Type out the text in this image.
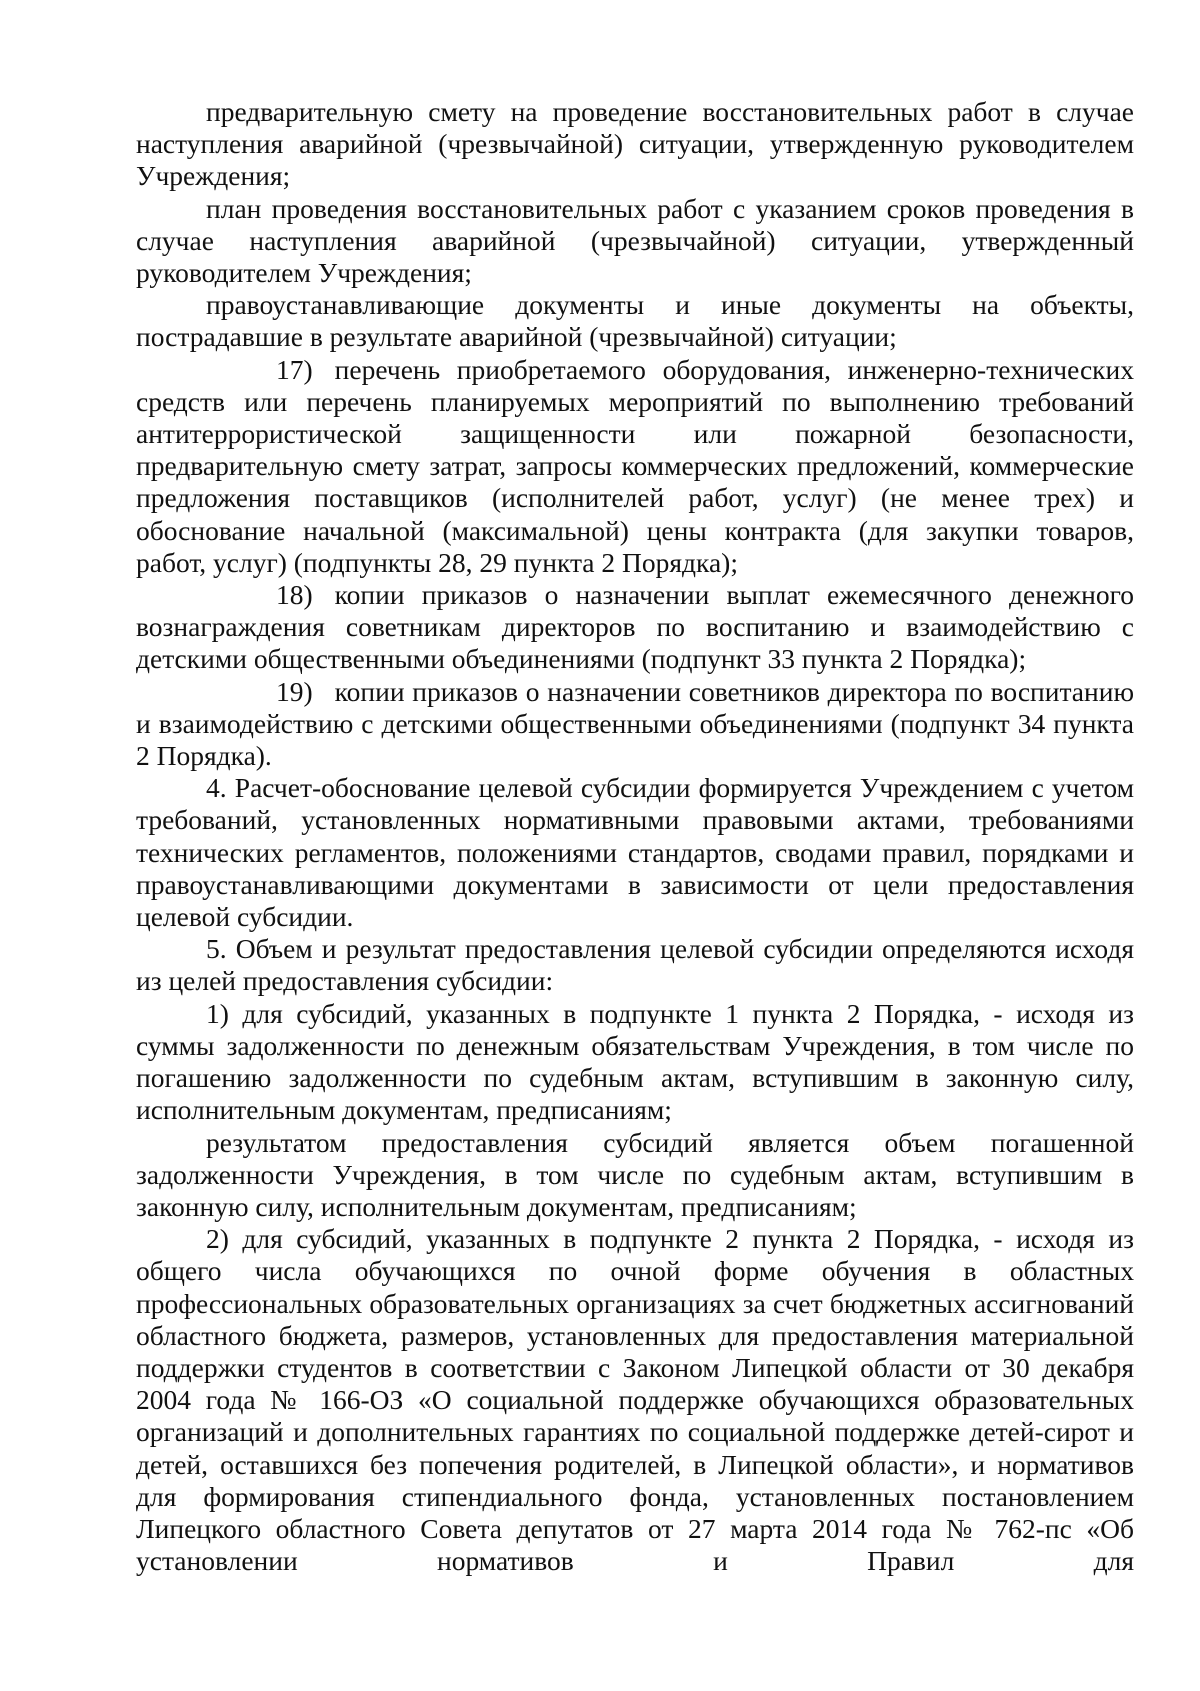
предварительную смету на проведение восстановительных работ в случае наступления аварийной (чрезвычайной) ситуации, утвержденную руководителем Учреждения;

план проведения восстановительных работ с указанием сроков проведения в случае наступления аварийной (чрезвычайной) ситуации, утвержденный руководителем Учреждения;

правоустанавливающие документы и иные документы на объекты, пострадавшие в результате аварийной (чрезвычайной) ситуации;

17) перечень приобретаемого оборудования, инженерно-технических средств или перечень планируемых мероприятий по выполнению требований антитеррористической защищенности или пожарной безопасности, предварительную смету затрат, запросы коммерческих предложений, коммерческие предложения поставщиков (исполнителей работ, услуг) (не менее трех) и обоснование начальной (максимальной) цены контракта (для закупки товаров, работ, услуг) (подпункты 28, 29 пункта 2 Порядка);

18) копии приказов о назначении выплат ежемесячного денежного вознаграждения советникам директоров по воспитанию и взаимодействию с детскими общественными объединениями (подпункт 33 пункта 2 Порядка);

19) копии приказов о назначении советников директора по воспитанию и взаимодействию с детскими общественными объединениями (подпункт 34 пункта 2 Порядка).

4. Расчет-обоснование целевой субсидии формируется Учреждением с учетом требований, установленных нормативными правовыми актами, требованиями технических регламентов, положениями стандартов, сводами правил, порядками и правоустанавливающими документами в зависимости от цели предоставления целевой субсидии.

5. Объем и результат предоставления целевой субсидии определяются исходя из целей предоставления субсидии:

1) для субсидий, указанных в подпункте 1 пункта 2 Порядка, - исходя из суммы задолженности по денежным обязательствам Учреждения, в том числе по погашению задолженности по судебным актам, вступившим в законную силу, исполнительным документам, предписаниям;

результатом предоставления субсидий является объем погашенной задолженности Учреждения, в том числе по судебным актам, вступившим в законную силу, исполнительным документам, предписаниям;

2) для субсидий, указанных в подпункте 2 пункта 2 Порядка, - исходя из общего числа обучающихся по очной форме обучения в областных профессиональных образовательных организациях за счет бюджетных ассигнований областного бюджета, размеров, установленных для предоставления материальной поддержки студентов в соответствии с Законом Липецкой области от 30 декабря 2004 года № 166-ОЗ «О социальной поддержке обучающихся образовательных организаций и дополнительных гарантиях по социальной поддержке детей-сирот и детей, оставшихся без попечения родителей, в Липецкой области», и нормативов для формирования стипендиального фонда, установленных постановлением Липецкого областного Совета депутатов от 27 марта 2014 года № 762-пс «Об установлении нормативов и Правил для
